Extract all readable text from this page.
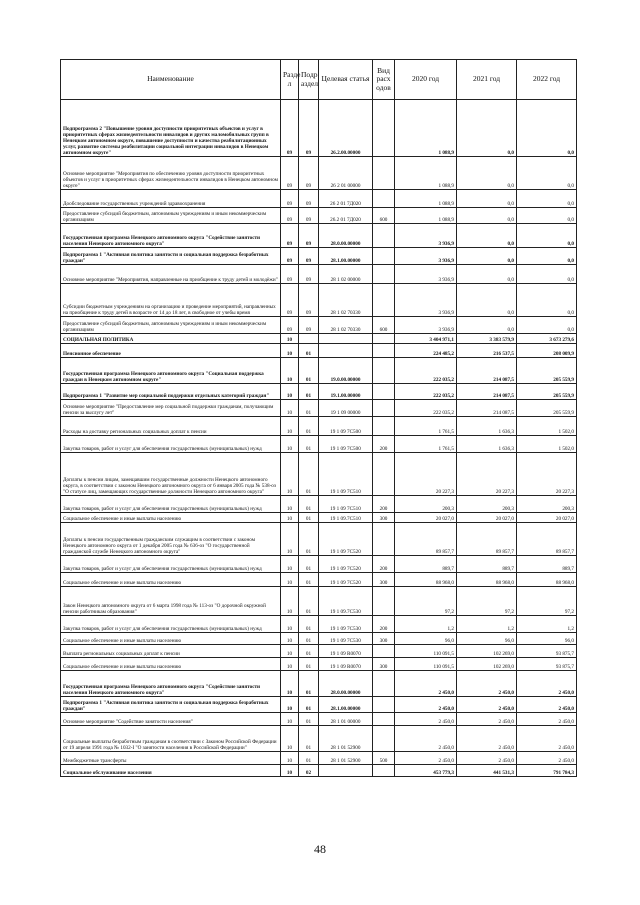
Наименование	Разде л	Подр аздел	Целевая статья	Вид расх одов	2020 год	2021 год	2022 год
Подпрограмма 2 "Повышение уровня доступности приоритетных объектов и услуг в приоритетных сферах жизнедеятельности инвалидов и других маломобильных групп в Ненецком автономном округе, повышение доступности и качества реабилитационных услуг, развитие системы реабилитации социальной интеграции инвалидов в Ненецком автономном округе"	09	09	26.2.00.00000		1 088,9	0,0	0,0
Основное мероприятие "Мероприятия по обеспечению уровня доступности приоритетных объектов и услуг в приоритетных сферах жизнедеятельности инвалидов в Ненецком автономном округе"	09	09	26 2 01 00000		1 088,9	0,0	0,0
Дообследование государственных учреждений здравоохранения	09	09	26 2 01 7Д020		1 088,9	0,0	0,0
Предоставление субсидий бюджетным, автономным учреждениям и иным некоммерческим организациям	09	09	26.2 01 7Д020	600	1 088,9	0,0	0,0
Государственная программа Ненецкого автономного округа "Содействие занятости населения Ненецкого автономного округа"	09	09	28.0.00.00000		3 936,9	0,0	0,0
Подпрограмма 1 "Активная политика занятости и социальная поддержка безработных граждан"	09	09	28.1.00.00000		3 936,9	0,0	0,0
Основное мероприятие "Мероприятия, направленные на приобщение к труду детей и молодёжи"	09	09	28 1 02 00000		3 936,9	0,0	0,0
Субсидии бюджетным учреждениям на организацию и проведение мероприятий, направленных на приобщение к труду детей в возрасте от 14 до 18 лет, в свободное от учебы время	09	09	28 1 02 70330		3 936,9	0,0	0,0
Предоставление субсидий бюджетным, автономным учреждениям и иным некоммерческим организациям	09	09	28 1 02 70330	600	3 936,9	0,0	0,0
СОЦИАЛЬНАЯ ПОЛИТИКА	10				3 404 971,1	3 383 579,9	3 673 279,6
Пенсионное обеспечение	10	01			224 485,2	216 537,5	208 009,9
Государственная программа Ненецкого автономного округа "Социальная поддержка граждан в Ненецком автономном округе"	10	01	19.0.00.00000		222 035,2	214 087,5	205 559,9
Подпрограмма 1 "Развитие мер социальной поддержки отдельных категорий граждан"	10	01	19.1.00.00000		222 035,2	214 087,5	205 559,9
Основное мероприятие "Предоставление мер социальной поддержки гражданам, получающим пенсии за выслугу лет"	10	01	19 1 09 00000		222 035,2	214 087,5	205 559,9
Расходы на доставку региональных социальных доплат к пенсии	10	01	19 1 09 7C500		1 761,5	1 636,3	1 502,0
Закупка товаров, работ и услуг для обеспечения государственных (муниципальных) нужд	10	01	19 1 09 7C500	200	1 761,5	1 636,3	1 502,0
Доплаты к пенсии лицам, замещавшим государственные должности Ненецкого автономного округа, в соответствии с законом Ненецкого автономного округа от 6 января 2005 года № 538-оз "О статусе лиц, замещающих государственные должности Ненецкого автономного округа"	10	01	19 1 09 7C510		20 227,3	20 227,3	20 227,3
Закупка товаров, работ и услуг для обеспечения государственных (муниципальных) нужд	10	01	19 1 09 7C510	200	200,3	200,3	200,3
Социальное обеспечение и иные выплаты населению	10	01	19 1 09.7C510	300	20 027,0	20 027,0	20 027,0
Доплаты к пенсии государственным гражданским служащим в соответствии с законом Ненецкого автономного округа от 1 декабря 2005 года № 636-оз "О государственной гражданской службе Ненецкого автономного округа"	10	01	19 1 09 7C520		89 857,7	89 857,7	89 857,7
Закупка товаров, работ и услуг для обеспечения государственных (муниципальных) нужд	10	01	19 1 09 7C520	200	889,7	889,7	889,7
Социальное обеспечение и иные выплаты населению	10	01	19 1 09 7C520	300	88 968,0	88 968,0	88 968,0
Закон Ненецкого автономного округа от 6 марта 1998 года № 113-оз "О дорочной окружной пенсии работникам образования"	10	01	19 1 09.7C530		97,2	97,2	97,2
Закупка товаров, работ и услуг для обеспечения государственных (муниципальных) нужд	10	01	19 1 09 7C530	200	1,2	1,2	1,2
Социальное обеспечение и иные выплаты населению	10	01	19 1 09 7C530	300	96,0	96,0	96,0
Выплата региональных социальных доплат к пенсии	10	01	19 1 09 R0070		110 091,5	102 269,0	93 875,7
Социальное обеспечение и иные выплаты населению	10	01	19 1 09 R0070	300	110 091,5	102 269,0	93 875,7
Государственная программа Ненецкого автономного округа "Содействие занятости населения Ненецкого автономного округа"	10	01	28.0.00.00000		2 450,0	2 450,0	2 450,0
Подпрограмма 1 "Активная политика занятости и социальная поддержка безработных граждан"	10	01	28.1.00.00000		2 450,0	2 450,0	2 450,0
Основное мероприятие "Содействие занятости населения"	10	01	28 1 01 00000		2 450,0	2 450,0	2 450,0
Социальные выплаты безработным гражданам в соответствии с Законом Российской Федерации от 19 апреля 1991 года № 1032-I "О занятости населения в Российской Федерации"	10	01	28 1 01 52900		2 450,0	2 450,0	2 450,0
Межбюджетные трансферты	10	01	28 1 01 52900	500	2 450,0	2 450,0	2 450,0
Социальное обслуживание населения	10	02			453 779,3	441 531,3	791 784,3
48
